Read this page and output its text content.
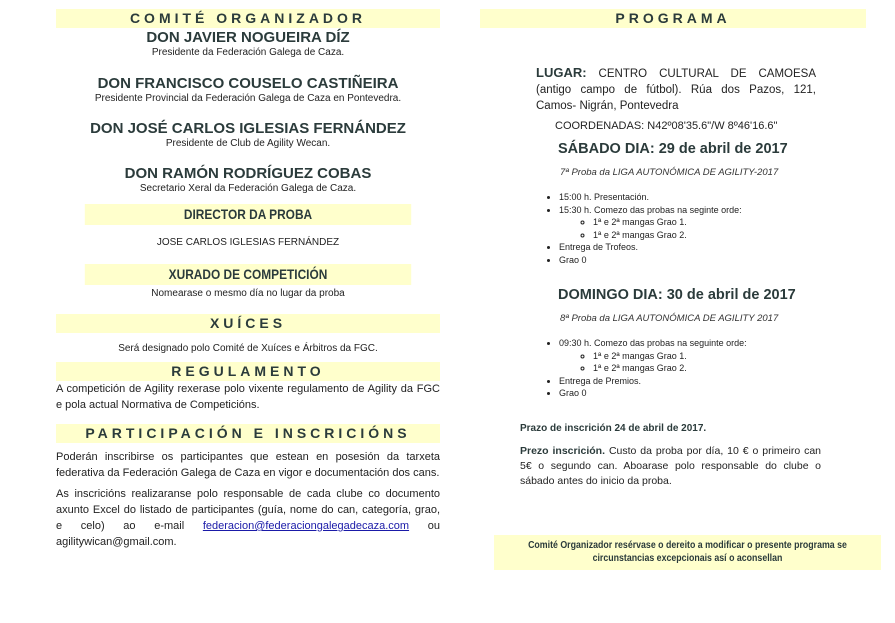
COMITÉ ORGANIZADOR

DON JAVIER NOGUEIRA DÍZ

Presidente da Federación Galega de Caza.

DON FRANCISCO COUSELO CASTIÑEIRA

Presidente Provincial da Federación Galega de Caza en Pontevedra.

DON JOSÉ CARLOS IGLESIAS FERNÁNDEZ

Presidente de Club de Agility Wecan.

DON RAMÓN RODRÍGUEZ COBAS

Secretario Xeral da Federación Galega de Caza.

DIRECTOR DA PROBA
JOSE CARLOS IGLESIAS FERNÁNDEZ
XURADO DE COMPETICIÓN
Nomearase o mesmo día no lugar da proba
XUÍCES
Será designado polo Comité de Xuíces e Árbitros da FGC.
REGULAMENTO

A competición de Agility rexerase polo vixente regulamento de Agility da FGC e pola actual Normativa de Competicións.

PARTICIPACIÓN E INSCRICIÓNS

Poderán inscribirse os participantes que estean en posesión da tarxeta federativa da Federación Galega de Caza en vigor e documentación dos cans.

As inscricións realizaranse polo responsable de cada clube co documento axunto Excel do listado de participantes (guía, nome do can, categoría, grao, e celo) ao e-mail federacion@federaciongalegadecaza.com ou agilitywican@gmail.com.

PROGRAMA
LUGAR: CENTRO CULTURAL DE CAMOESA (antigo campo de fútbol). Rúa dos Pazos, 121, Camos- Nigrán, Pontevedra
COORDENADAS: N42º08'35.6"/W 8º46'16.6"
SÁBADO DIA: 29 de abril de 2017
7ª Proba da LIGA AUTONÓMICA DE AGILITY-2017
• 15:00 h. Presentación.
• 15:30 h. Comezo das probas na seginte orde:
◦ 1ª e 2ª mangas Grao 1.
◦ 1ª e 2ª mangas Grao 2.
• Entrega de Trofeos.
• Grao 0
DOMINGO DIA: 30 de abril de 2017
8ª Proba da LIGA AUTONÓMICA DE AGILITY 2017
• 09:30 h. Comezo das probas na seguinte orde:
◦ 1ª e 2ª mangas Grao 1.
◦ 1ª e 2ª mangas Grao 2.
• Entrega de Premios.
• Grao 0
Prazo de inscrición 24 de abril de 2017.
Prezo inscrición. Custo da proba por día, 10 € o primeiro can 5€ o segundo can. Aboarase polo responsable do clube o sábado antes do inicio da proba.
Comité Organizador resérvase o dereito a modificar o presente programa se circunstancias excepcionais así o aconsellan
